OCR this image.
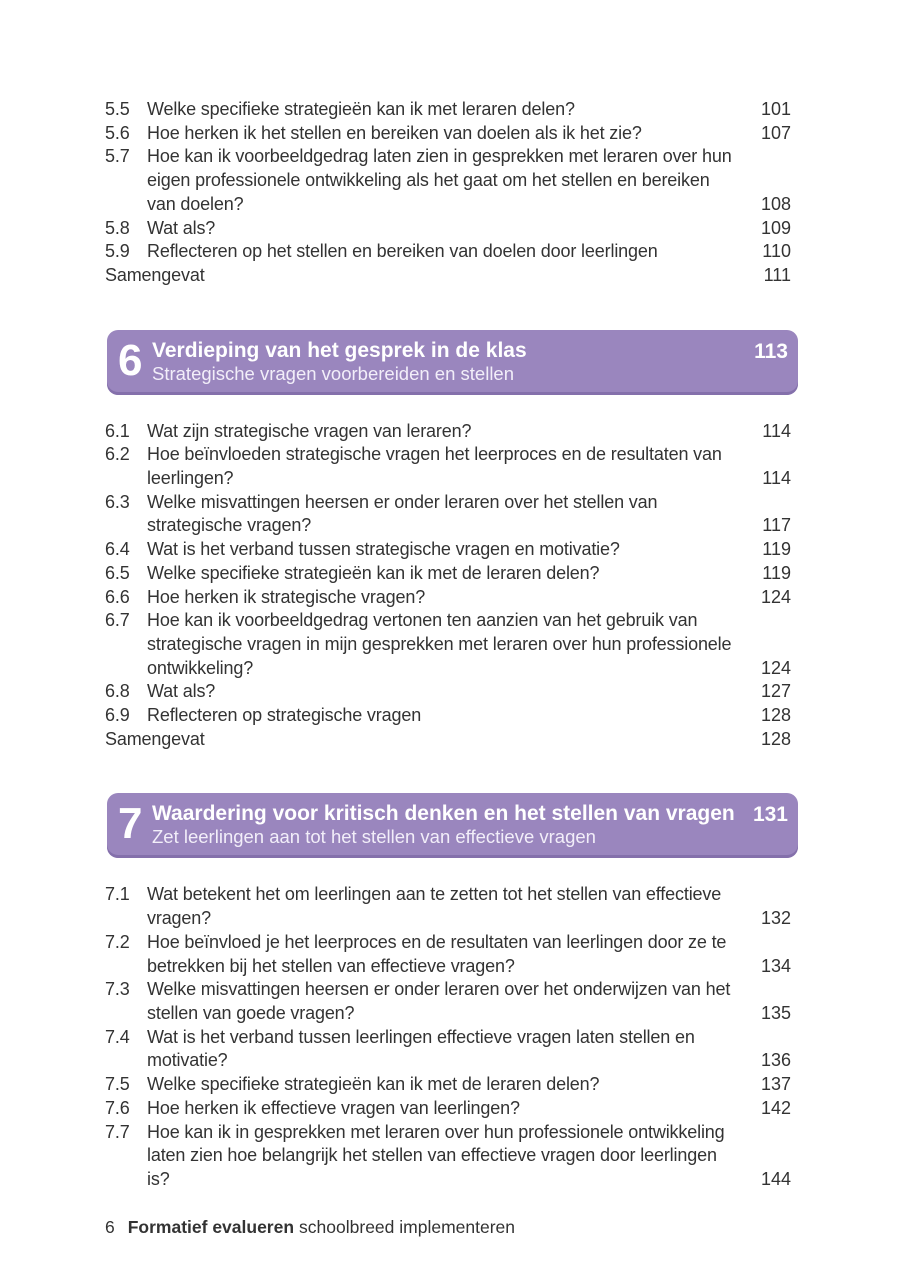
5.5 Welke specifieke strategieën kan ik met leraren delen?	101
5.6 Hoe herken ik het stellen en bereiken van doelen als ik het zie?	107
5.7 Hoe kan ik voorbeeldgedrag laten zien in gesprekken met leraren over hun eigen professionele ontwikkeling als het gaat om het stellen en bereiken van doelen?	108
5.8 Wat als?	109
5.9 Reflecteren op het stellen en bereiken van doelen door leerlingen	110
Samengevat	111
6 Verdieping van het gesprek in de klas
Strategische vragen voorbereiden en stellen
113
6.1 Wat zijn strategische vragen van leraren?	114
6.2 Hoe beïnvloeden strategische vragen het leerproces en de resultaten van leerlingen?	114
6.3 Welke misvattingen heersen er onder leraren over het stellen van strategische vragen?	117
6.4 Wat is het verband tussen strategische vragen en motivatie?	119
6.5 Welke specifieke strategieën kan ik met de leraren delen?	119
6.6 Hoe herken ik strategische vragen?	124
6.7 Hoe kan ik voorbeeldgedrag vertonen ten aanzien van het gebruik van strategische vragen in mijn gesprekken met leraren over hun professionele ontwikkeling?	124
6.8 Wat als?	127
6.9 Reflecteren op strategische vragen	128
Samengevat	128
7 Waardering voor kritisch denken en het stellen van vragen
Zet leerlingen aan tot het stellen van effectieve vragen
131
7.1 Wat betekent het om leerlingen aan te zetten tot het stellen van effectieve vragen?	132
7.2 Hoe beïnvloed je het leerproces en de resultaten van leerlingen door ze te betrekken bij het stellen van effectieve vragen?	134
7.3 Welke misvattingen heersen er onder leraren over het onderwijzen van het stellen van goede vragen?	135
7.4 Wat is het verband tussen leerlingen effectieve vragen laten stellen en motivatie?	136
7.5 Welke specifieke strategieën kan ik met de leraren delen?	137
7.6 Hoe herken ik effectieve vragen van leerlingen?	142
7.7 Hoe kan ik in gesprekken met leraren over hun professionele ontwikkeling laten zien hoe belangrijk het stellen van effectieve vragen door leerlingen is?	144
6 Formatief evalueren schoolbreed implementeren
